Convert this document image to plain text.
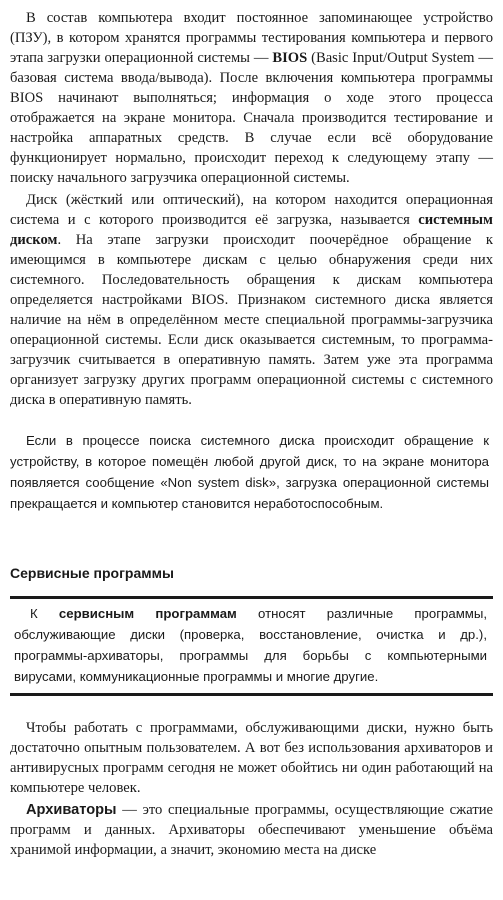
В состав компьютера входит постоянное запоминающее устройство (ПЗУ), в котором хранятся программы тестирования компьютера и первого этапа загрузки операционной системы — BIOS (Basic Input/Output System — базовая система ввода/вывода). После включения компьютера программы BIOS начинают выполняться; информация о ходе этого процесса отображается на экране монитора. Сначала производится тестирование и настройка аппаратных средств. В случае если всё оборудование функционирует нормально, происходит переход к следующему этапу — поиску начального загрузчика операционной системы.

Диск (жёсткий или оптический), на котором находится операционная система и с которого производится её загрузка, называется системным диском. На этапе загрузки происходит поочерёдное обращение к имеющимся в компьютере дискам с целью обнаружения среди них системного. Последовательность обращения к дискам компьютера определяется настройками BIOS. Признаком системного диска является наличие на нём в определённом месте специальной программы-загрузчика операционной системы. Если диск оказывается системным, то программа-загрузчик считывается в оперативную память. Затем уже эта программа организует загрузку других программ операционной системы с системного диска в оперативную память.

Если в процессе поиска системного диска происходит обращение к устройству, в которое помещён любой другой диск, то на экране монитора появляется сообщение «Non system disk», загрузка операционной системы прекращается и компьютер становится неработоспособным.

Сервисные программы

К сервисным программам относят различные программы, обслуживающие диски (проверка, восстановление, очистка и др.), программы-архиваторы, программы для борьбы с компьютерными вирусами, коммуникационные программы и многие другие.

Чтобы работать с программами, обслуживающими диски, нужно быть достаточно опытным пользователем. А вот без использования архиваторов и антивирусных программ сегодня не может обойтись ни один работающий на компьютере человек.

Архиваторы — это специальные программы, осуществляющие сжатие программ и данных. Архиваторы обеспечивают уменьшение объёма хранимой информации, а значит, экономию места на диске
